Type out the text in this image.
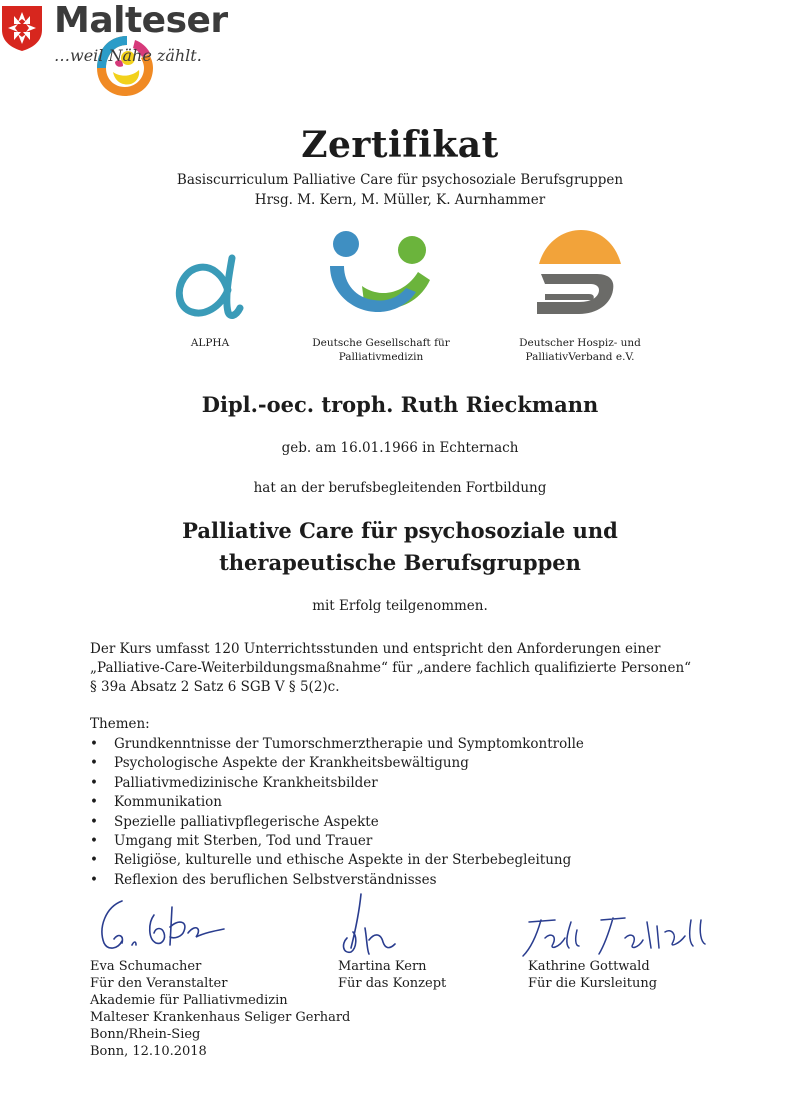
Malteser
…weil Nähe zählt.
Zertifikat
Basiscurriculum Palliative Care für psychosoziale Berufsgruppen
Hrsg. M. Kern, M. Müller, K. Aurnhammer
ALPHA	Deutsche Gesellschaft für
Palliativmedizin
Deutscher Hospiz- und
PalliativVerband e.V.
Dipl.-oec. troph. Ruth Rieckmann
geb. am 16.01.1966 in Echternach
hat an der berufsbegleitenden Fortbildung
Palliative Care für psychosoziale und
therapeutische Berufsgruppen
mit Erfolg teilgenommen.
Der Kurs umfasst 120 Unterrichtsstunden und entspricht den Anforderungen einer
„Palliative-Care-Weiterbildungsmaßnahme“ für „andere fachlich qualifizierte Personen“
§ 39a Absatz 2 Satz 6 SGB V § 5(2)c.
Themen:
• Grundkenntnisse der Tumorschmerztherapie und Symptomkontrolle
• Psychologische Aspekte der Krankheitsbewältigung
• Palliativmedizinische Krankheitsbilder
• Kommunikation
• Spezielle palliativpflegerische Aspekte
• Umgang mit Sterben, Tod und Trauer
• Religiöse, kulturelle und ethische Aspekte in der Sterbebegleitung
• Reflexion des beruflichen Selbstverständnisses
Eva Schumacher
Für den Veranstalter
Akademie für Palliativmedizin
Malteser Krankenhaus Seliger Gerhard
Bonn/Rhein-Sieg
Bonn, 12.10.2018
Martina Kern
Für das Konzept
Kathrine Gottwald
Für die Kursleitung
